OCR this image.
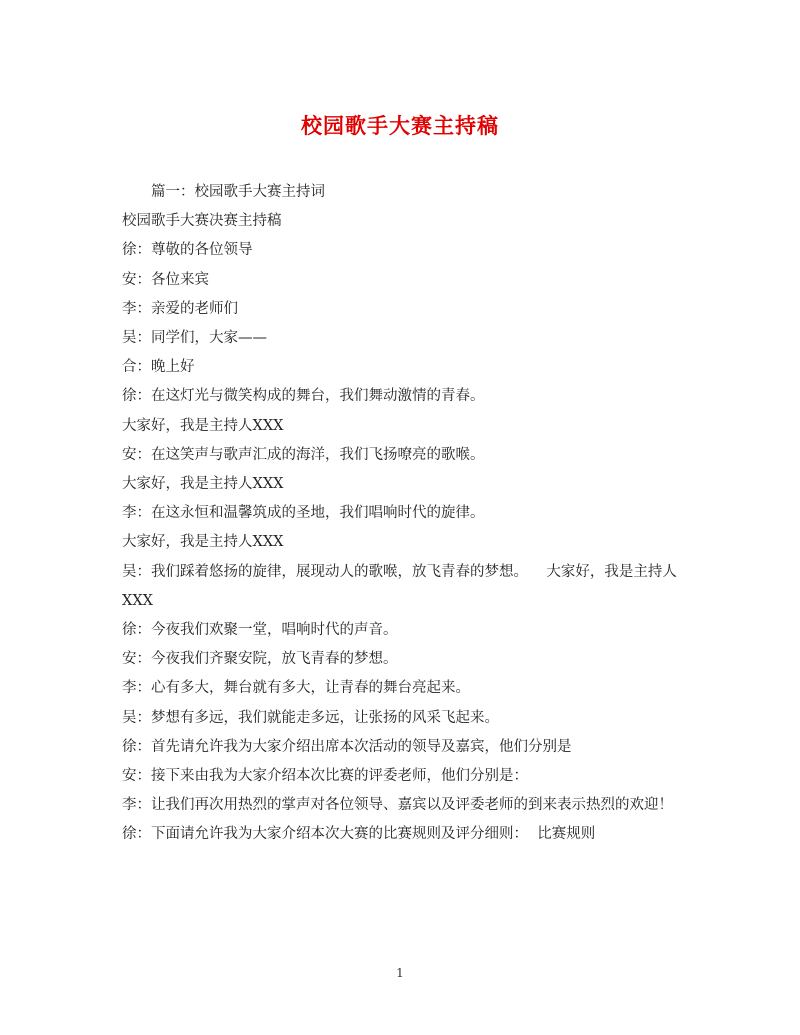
校园歌手大赛主持稿

篇一：校园歌手大赛主持词

校园歌手大赛决赛主持稿

徐：尊敬的各位领导

安：各位来宾

李：亲爱的老师们

吴：同学们，大家——

合：晚上好

徐：在这灯光与微笑构成的舞台，我们舞动激情的青春。

大家好，我是主持人XXX

安：在这笑声与歌声汇成的海洋，我们飞扬嘹亮的歌喉。

大家好，我是主持人XXX

李：在这永恒和温馨筑成的圣地，我们唱响时代的旋律。

大家好，我是主持人XXX

吴：我们踩着悠扬的旋律，展现动人的歌喉，放飞青春的梦想。    大家好，我是主持人XXX

徐：今夜我们欢聚一堂，唱响时代的声音。

安：今夜我们齐聚安院，放飞青春的梦想。

李：心有多大，舞台就有多大，让青春的舞台亮起来。

吴：梦想有多远，我们就能走多远，让张扬的风采飞起来。

徐：首先请允许我为大家介绍出席本次活动的领导及嘉宾，他们分别是

安：接下来由我为大家介绍本次比赛的评委老师，他们分别是：

李：让我们再次用热烈的掌声对各位领导、嘉宾以及评委老师的到来表示热烈的欢迎！

徐：下面请允许我为大家介绍本次大赛的比赛规则及评分细则：  比赛规则

1
